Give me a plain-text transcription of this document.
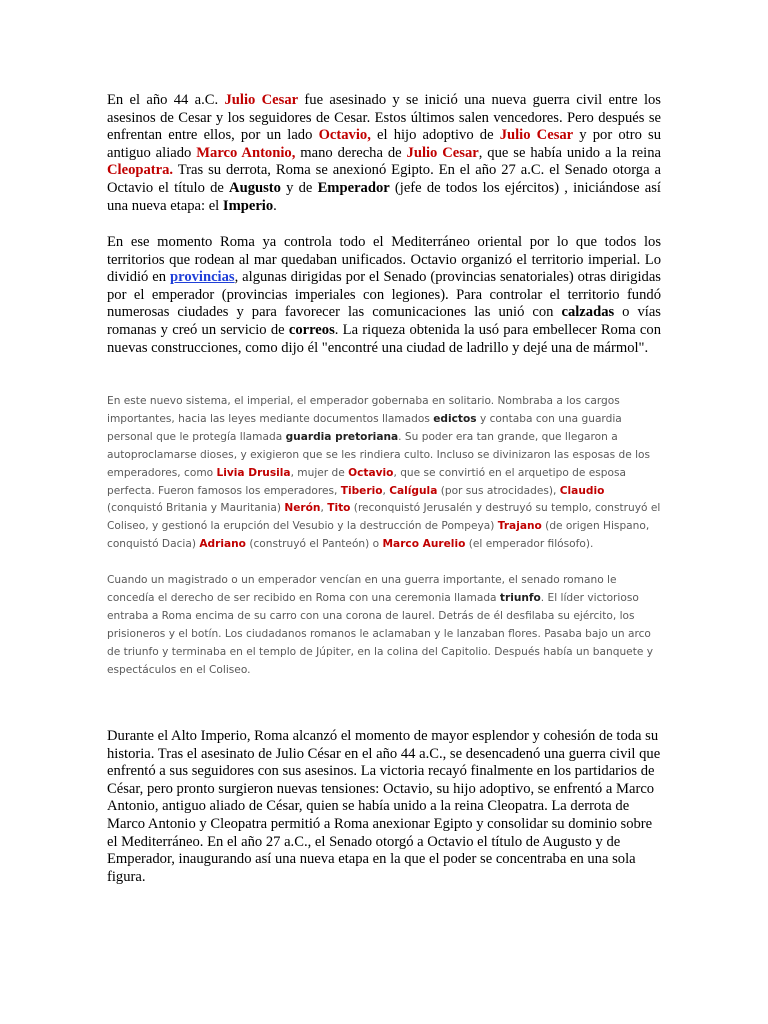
En el año 44 a.C. Julio Cesar fue asesinado y se inició una nueva guerra civil entre los asesinos de Cesar y los seguidores de Cesar. Estos últimos salen vencedores. Pero después se enfrentan entre ellos, por un lado Octavio, el hijo adoptivo de Julio Cesar y por otro su antiguo aliado Marco Antonio, mano derecha de Julio Cesar, que se había unido a la reina Cleopatra. Tras su derrota, Roma se anexionó Egipto. En el año 27 a.C. el Senado otorga a Octavio el título de Augusto y de Emperador (jefe de todos los ejércitos) , iniciándose así una nueva etapa: el Imperio.

En ese momento Roma ya controla todo el Mediterráneo oriental por lo que todos los territorios que rodean al mar quedaban unificados. Octavio organizó el territorio imperial. Lo dividió en provincias, algunas dirigidas por el Senado (provincias senatoriales) otras dirigidas por el emperador (provincias imperiales con legiones). Para controlar el territorio fundó numerosas ciudades y para favorecer las comunicaciones las unió con calzadas o vías romanas y creó un servicio de correos. La riqueza obtenida la usó para embellecer Roma con nuevas construcciones, como dijo él "encontré una ciudad de ladrillo y dejé una de mármol".

En este nuevo sistema, el imperial, el emperador gobernaba en solitario. Nombraba a los cargos importantes, hacia las leyes mediante documentos llamados edictos y contaba con una guardia personal que le protegía llamada guardia pretoriana. Su poder era tan grande, que llegaron a autoproclamarse dioses, y exigieron que se les rindiera culto. Incluso se divinizaron las esposas de los emperadores, como Livia Drusila, mujer de Octavio, que se convirtió en el arquetipo de esposa perfecta. Fueron famosos los emperadores, Tiberio, Calígula (por sus atrocidades), Claudio (conquistó Britania y Mauritania) Nerón, Tito (reconquistó Jerusalén y destruyó su templo, construyó el Coliseo, y gestionó la erupción del Vesubio y la destrucción de Pompeya) Trajano (de origen Hispano, conquistó Dacia) Adriano (construyó el Panteón) o Marco Aurelio (el emperador filósofo).

Cuando un magistrado o un emperador vencían en una guerra importante, el senado romano le concedía el derecho de ser recibido en Roma con una ceremonia llamada triunfo. El líder victorioso entraba a Roma encima de su carro con una corona de laurel. Detrás de él desfilaba su ejército, los prisioneros y el botín. Los ciudadanos romanos le aclamaban y le lanzaban flores. Pasaba bajo un arco de triunfo y terminaba en el templo de Júpiter, en la colina del Capitolio. Después había un banquete y espectáculos en el Coliseo.

Durante el Alto Imperio, Roma alcanzó el momento de mayor esplendor y cohesión de toda su historia. Tras el asesinato de Julio César en el año 44 a.C., se desencadenó una guerra civil que enfrentó a sus seguidores con sus asesinos. La victoria recayó finalmente en los partidarios de César, pero pronto surgieron nuevas tensiones: Octavio, su hijo adoptivo, se enfrentó a Marco Antonio, antiguo aliado de César, quien se había unido a la reina Cleopatra. La derrota de Marco Antonio y Cleopatra permitió a Roma anexionar Egipto y consolidar su dominio sobre el Mediterráneo. En el año 27 a.C., el Senado otorgó a Octavio el título de Augusto y de Emperador, inaugurando así una nueva etapa en la que el poder se concentraba en una sola figura.
